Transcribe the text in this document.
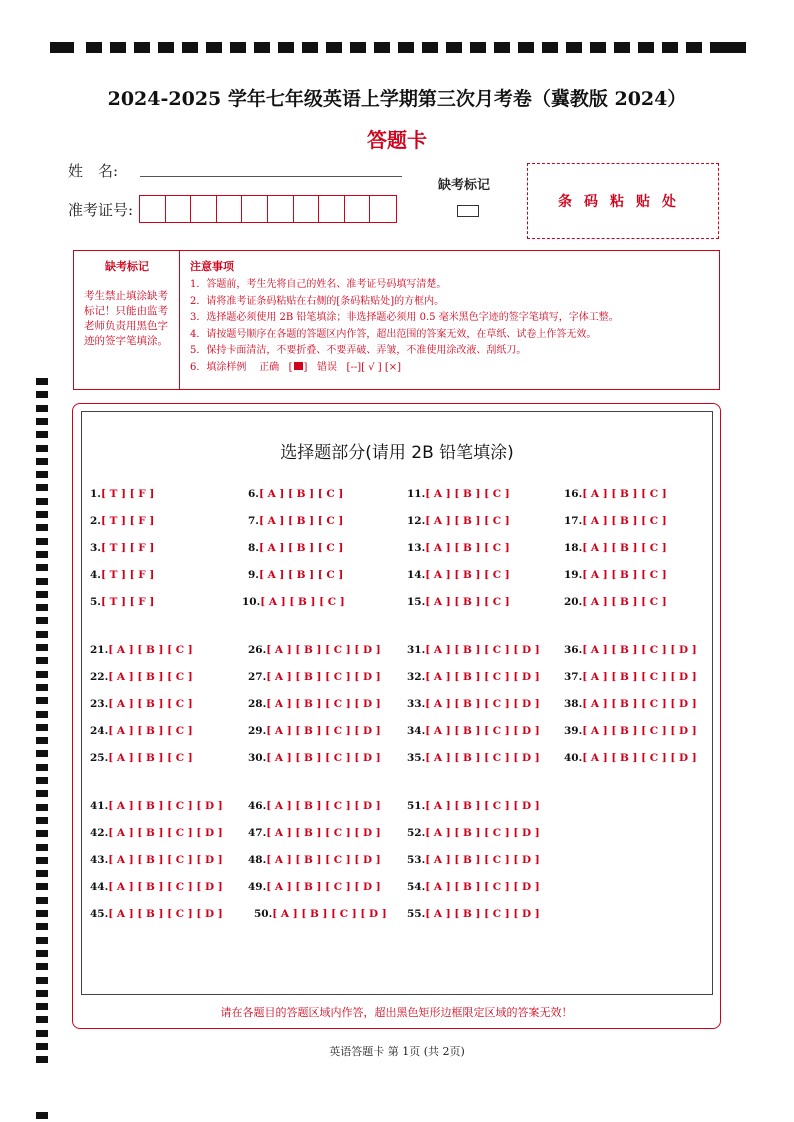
2024-2025 学年七年级英语上学期第三次月考卷（冀教版 2024）
答题卡
姓　名:
准考证号:
缺考标记
条码粘贴处
缺考标记
考生禁止填涂缺考标记！只能由监考老师负责用黑色字迹的签字笔填涂。
注意事项
1．答题前，考生先将自己的姓名、准考证号码填写清楚。
2．请将准考证条码粘贴在右侧的[条码粘贴处]的方框内。
3．选择题必须使用 2B 铅笔填涂；非选择题必须用 0.5 毫米黑色字迹的签字笔填写，字体工整。
4．请按题号顺序在各题的答题区内作答，超出范围的答案无效，在草纸、试卷上作答无效。
5．保持卡面清洁，不要折叠、不要弄破、弄皱，不准使用涂改液、刮纸刀。
6．填涂样例 正确 [ ] 错误 [--][ √ ] [×]
选择题部分(请用 2B 铅笔填涂)
1.[ T ] [ F ]
2.[ T ] [ F ]
3.[ T ] [ F ]
4.[ T ] [ F ]
5.[ T ] [ F ]
6.[ A ] [ B ] [ C ]
7.[ A ] [ B ] [ C ]
8.[ A ] [ B ] [ C ]
9.[ A ] [ B ] [ C ]
10.[ A ] [ B ] [ C ]
11.[ A ] [ B ] [ C ]
12.[ A ] [ B ] [ C ]
13.[ A ] [ B ] [ C ]
14.[ A ] [ B ] [ C ]
15.[ A ] [ B ] [ C ]
16.[ A ] [ B ] [ C ]
17.[ A ] [ B ] [ C ]
18.[ A ] [ B ] [ C ]
19.[ A ] [ B ] [ C ]
20.[ A ] [ B ] [ C ]
21.[ A ] [ B ] [ C ]
22.[ A ] [ B ] [ C ]
23.[ A ] [ B ] [ C ]
24.[ A ] [ B ] [ C ]
25.[ A ] [ B ] [ C ]
26.[ A ] [ B ] [ C ] [ D ]
27.[ A ] [ B ] [ C ] [ D ]
28.[ A ] [ B ] [ C ] [ D ]
29.[ A ] [ B ] [ C ] [ D ]
30.[ A ] [ B ] [ C ] [ D ]
31.[ A ] [ B ] [ C ] [ D ]
32.[ A ] [ B ] [ C ] [ D ]
33.[ A ] [ B ] [ C ] [ D ]
34.[ A ] [ B ] [ C ] [ D ]
35.[ A ] [ B ] [ C ] [ D ]
36.[ A ] [ B ] [ C ] [ D ]
37.[ A ] [ B ] [ C ] [ D ]
38.[ A ] [ B ] [ C ] [ D ]
39.[ A ] [ B ] [ C ] [ D ]
40.[ A ] [ B ] [ C ] [ D ]
41.[ A ] [ B ] [ C ] [ D ]
42.[ A ] [ B ] [ C ] [ D ]
43.[ A ] [ B ] [ C ] [ D ]
44.[ A ] [ B ] [ C ] [ D ]
45.[ A ] [ B ] [ C ] [ D ]
46.[ A ] [ B ] [ C ] [ D ]
47.[ A ] [ B ] [ C ] [ D ]
48.[ A ] [ B ] [ C ] [ D ]
49.[ A ] [ B ] [ C ] [ D ]
50.[ A ] [ B ] [ C ] [ D ]
51.[ A ] [ B ] [ C ] [ D ]
52.[ A ] [ B ] [ C ] [ D ]
53.[ A ] [ B ] [ C ] [ D ]
54.[ A ] [ B ] [ C ] [ D ]
55.[ A ] [ B ] [ C ] [ D ]
请在各题目的答题区域内作答，超出黑色矩形边框限定区域的答案无效！
英语答题卡 第 1页 (共 2页)
